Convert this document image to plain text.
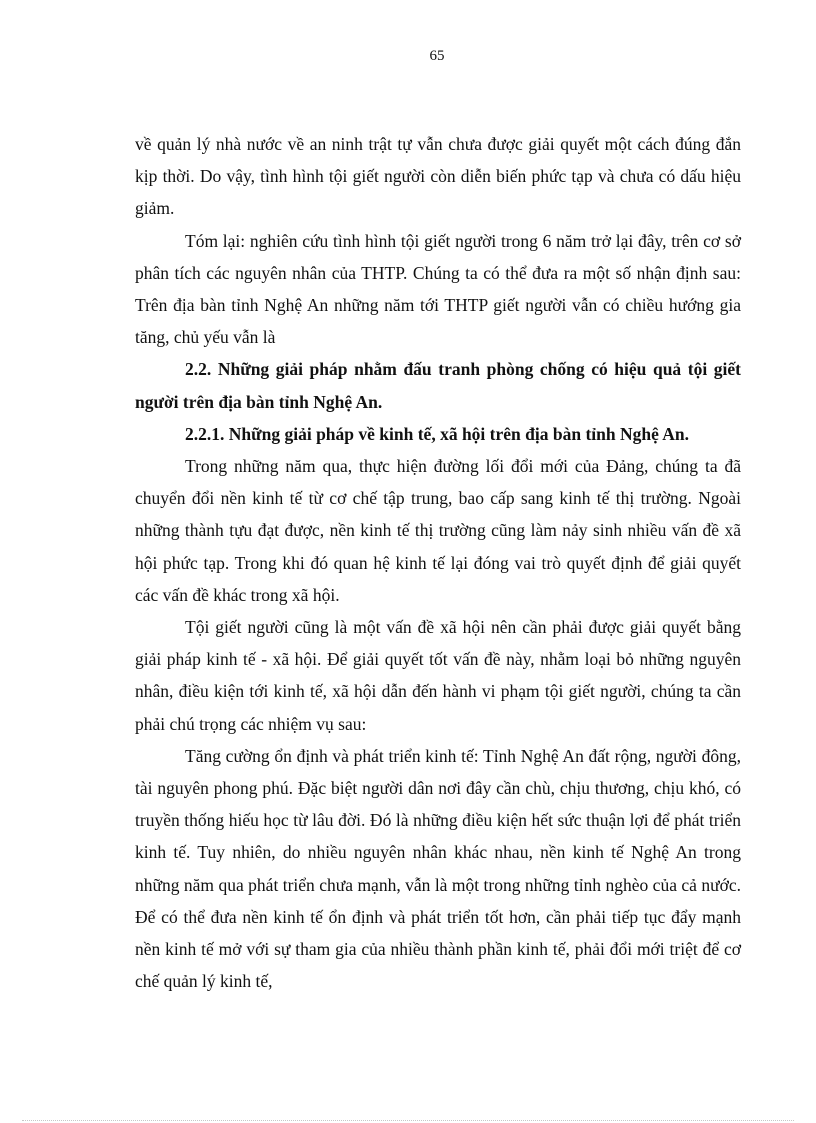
65

về quản lý nhà nước về an ninh trật tự vẫn chưa được giải quyết một cách đúng đắn kịp thời. Do vậy, tình hình tội giết người còn diễn biến phức tạp và chưa có dấu hiệu giảm.

Tóm lại: nghiên cứu tình hình tội giết người trong 6 năm trở lại đây, trên cơ sở phân tích các nguyên nhân của THTP. Chúng ta có thể đưa ra một số nhận định sau: Trên địa bàn tỉnh Nghệ An những năm tới THTP giết người vẫn có chiều hướng gia tăng, chủ yếu vẫn là

2.2. Những giải pháp nhằm đấu tranh phòng chống có hiệu quả tội giết người trên địa bàn tỉnh Nghệ An.

2.2.1. Những giải pháp về kinh tế, xã hội trên địa bàn tỉnh Nghệ An.

Trong những năm qua, thực hiện đường lối đổi mới của Đảng, chúng ta đã chuyển đổi nền kinh tế từ cơ chế tập trung, bao cấp sang kinh tế thị trường. Ngoài những thành tựu đạt được, nền kinh tế thị trường cũng làm nảy sinh nhiều vấn đề xã hội phức tạp. Trong khi đó quan hệ kinh tế lại đóng vai trò quyết định để giải quyết các vấn đề khác trong xã hội.

Tội giết người cũng là một vấn đề xã hội nên cần phải được giải quyết bằng giải pháp kinh tế - xã hội. Để giải quyết tốt vấn đề này, nhằm loại bỏ những nguyên nhân, điều kiện tới kinh tế, xã hội dẫn đến hành vi phạm tội giết người, chúng ta cần phải chú trọng các nhiệm vụ sau:

Tăng cường ổn định và phát triển kinh tế: Tỉnh Nghệ An đất rộng, người đông, tài nguyên phong phú. Đặc biệt người dân nơi đây cần chù, chịu thương, chịu khó, có truyền thống hiếu học từ lâu đời. Đó là những điều kiện hết sức thuận lợi để phát triển kinh tế. Tuy nhiên, do nhiều nguyên nhân khác nhau, nền kinh tế Nghệ An trong những năm qua phát triển chưa mạnh, vẫn là một trong những tỉnh nghèo của cả nước. Để có thể đưa nền kinh tế ổn định và phát triển tốt hơn, cần phải tiếp tục đẩy mạnh nền kinh tế mở với sự tham gia của nhiều thành phần kinh tế, phải đổi mới triệt để cơ chế quản lý kinh tế,
